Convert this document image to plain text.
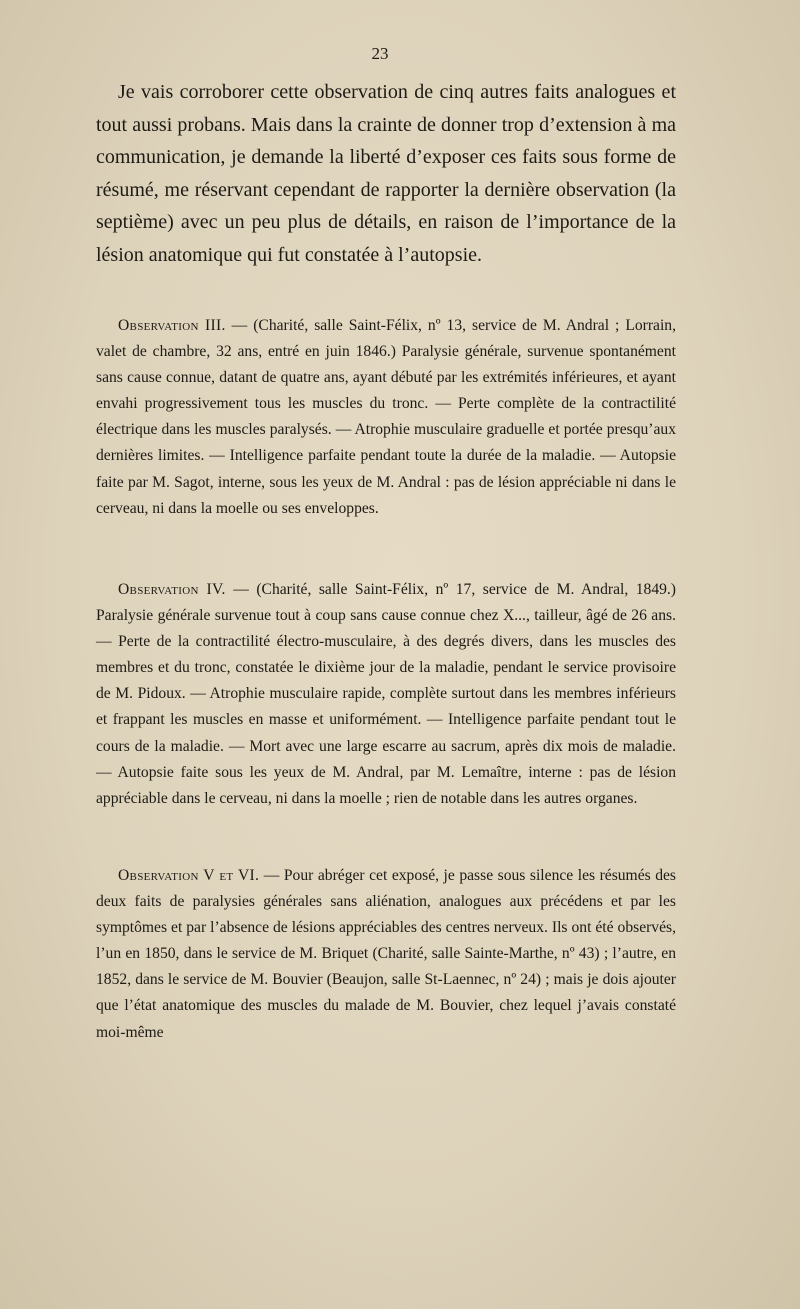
23

Je vais corroborer cette observation de cinq autres faits analogues et tout aussi probans. Mais dans la crainte de donner trop d’extension à ma communication, je demande la liberté d’exposer ces faits sous forme de résumé, me réservant cependant de rapporter la dernière observation (la septième) avec un peu plus de détails, en raison de l’importance de la lésion anatomique qui fut constatée à l’autopsie.

Observation III. — (Charité, salle Saint-Félix, nº 13, service de M. Andral ; Lorrain, valet de chambre, 32 ans, entré en juin 1846.) Paralysie générale, survenue spontanément sans cause connue, datant de quatre ans, ayant débuté par les extrémités inférieures, et ayant envahi progressivement tous les muscles du tronc. — Perte complète de la contractilité électrique dans les muscles paralysés. — Atrophie musculaire graduelle et portée presqu’aux dernières limites. — Intelligence parfaite pendant toute la durée de la maladie. — Autopsie faite par M. Sagot, interne, sous les yeux de M. Andral : pas de lésion appréciable ni dans le cerveau, ni dans la moelle ou ses enveloppes.

Observation IV. — (Charité, salle Saint-Félix, nº 17, service de M. Andral, 1849.) Paralysie générale survenue tout à coup sans cause connue chez X..., tailleur, âgé de 26 ans. — Perte de la contractilité électro-musculaire, à des degrés divers, dans les muscles des membres et du tronc, constatée le dixième jour de la maladie, pendant le service provisoire de M. Pidoux. — Atrophie musculaire rapide, complète surtout dans les membres inférieurs et frappant les muscles en masse et uniformément. — Intelligence parfaite pendant tout le cours de la maladie. — Mort avec une large escarre au sacrum, après dix mois de maladie. — Autopsie faite sous les yeux de M. Andral, par M. Lemaître, interne : pas de lésion appréciable dans le cerveau, ni dans la moelle ; rien de notable dans les autres organes.

Observation V et VI. — Pour abréger cet exposé, je passe sous silence les résumés des deux faits de paralysies générales sans aliénation, analogues aux précédens et par les symptômes et par l’absence de lésions appréciables des centres nerveux. Ils ont été observés, l’un en 1850, dans le service de M. Briquet (Charité, salle Sainte-Marthe, nº 43) ; l’autre, en 1852, dans le service de M. Bouvier (Beaujon, salle St-Laennec, nº 24) ; mais je dois ajouter que l’état anatomique des muscles du malade de M. Bouvier, chez lequel j’avais constaté moi-même
